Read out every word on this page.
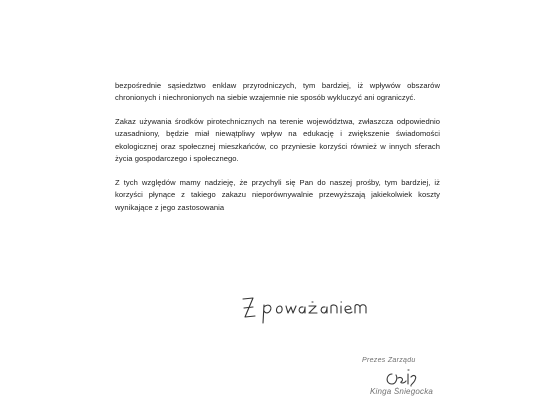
bezpośrednie sąsiedztwo enklaw przyrodniczych, tym bardziej, iż wpływów obszarów chronionych i niechronionych na siebie wzajemnie nie sposób wykluczyć ani ograniczyć.

Zakaz używania środków pirotechnicznych na terenie województwa, zwłaszcza odpowiednio uzasadniony, będzie miał niewątpliwy wpływ na edukację i zwiększenie świadomości ekologicznej oraz społecznej mieszkańców, co przyniesie korzyści również w innych sferach życia gospodarczego i społecznego.

Z tych względów mamy nadzieję, że przychyli się Pan do naszej prośby, tym bardziej, iż korzyści płynące z takiego zakazu nieporównywalnie przewyższają jakiekolwiek koszty wynikające z jego zastosowania

Prezes Zarządu
Kinga Śniegocka
